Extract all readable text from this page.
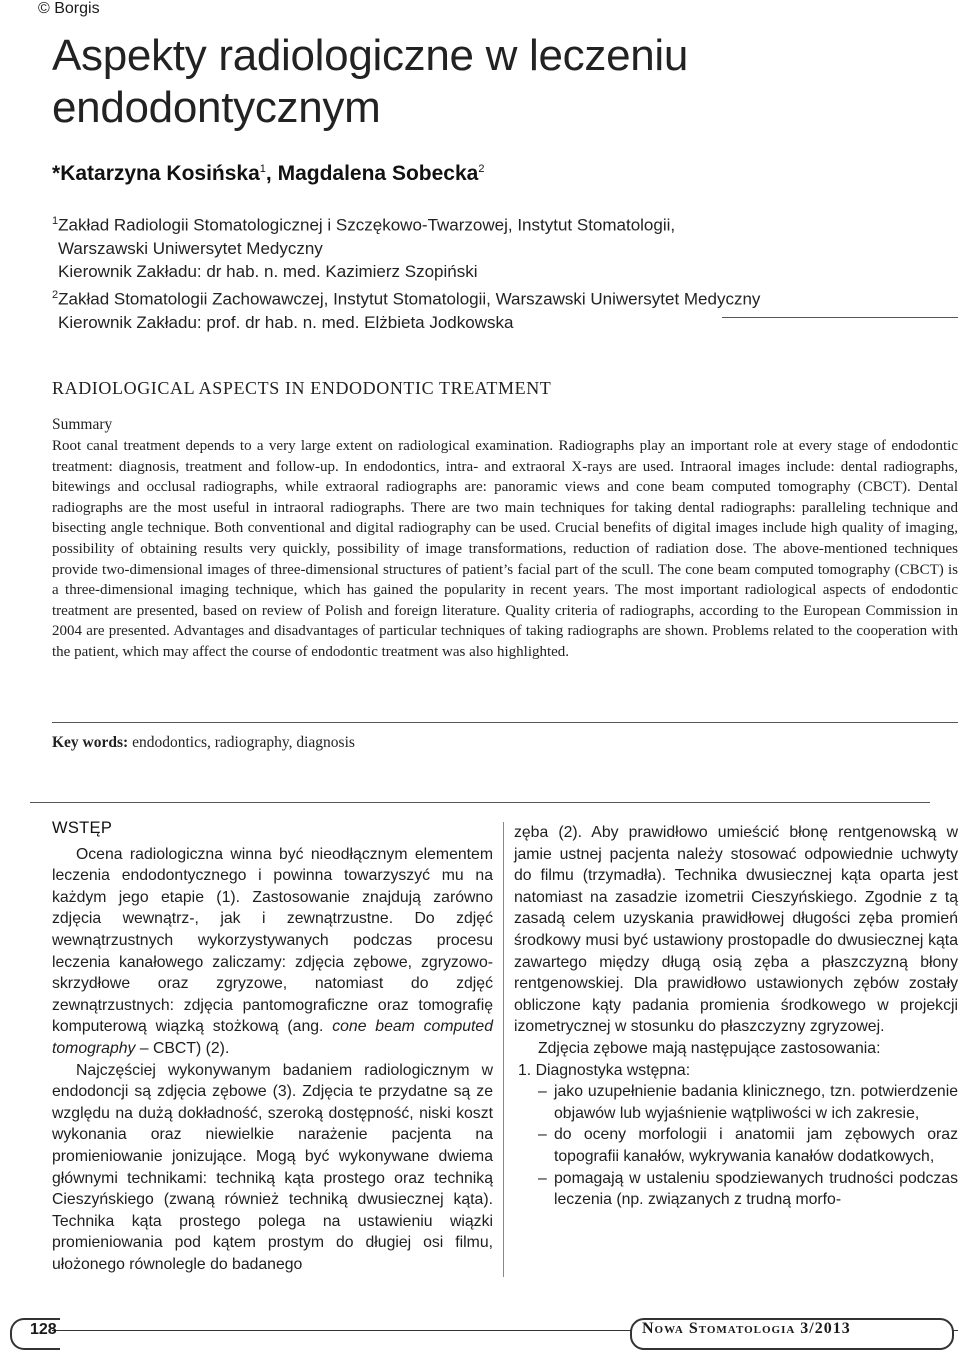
© Borgis
Aspekty radiologiczne w leczeniu endodontycznym
*Katarzyna Kosińska$^1$, Magdalena Sobecka$^2$
$^1$Zakład Radiologii Stomatologicznej i Szczękowo-Twarzowej, Instytut Stomatologii,
Warszawski Uniwersytet Medyczny
Kierownik Zakładu: dr hab. n. med. Kazimierz Szopiński
$^2$Zakład Stomatologii Zachowawczej, Instytut Stomatologii, Warszawski Uniwersytet Medyczny
Kierownik Zakładu: prof. dr hab. n. med. Elżbieta Jodkowska
RADIOLOGICAL ASPECTS IN ENDODONTIC TREATMENT
Summary

Root canal treatment depends to a very large extent on radiological examination. Radiographs play an important role at every stage of endodontic treatment: diagnosis, treatment and follow-up. In endodontics, intra- and extraoral X-rays are used. Intraoral images include: dental radiographs, bitewings and occlusal radiographs, while extraoral radiographs are: panoramic views and cone beam computed tomography (CBCT). Dental radiographs are the most useful in intraoral radiographs. There are two main techniques for taking dental radiographs: paralleling technique and bisecting angle technique. Both conventional and digital radiography can be used. Crucial benefits of digital images include high quality of imaging, possibility of obtaining results very quickly, possibility of image transformations, reduction of radiation dose. The above-mentioned techniques provide two-dimensional images of three-dimensional structures of patient’s facial part of the scull. The cone beam computed tomography (CBCT) is a three-dimensional imaging technique, which has gained the popularity in recent years. The most important radiological aspects of endodontic treatment are presented, based on review of Polish and foreign literature. Quality criteria of radiographs, according to the European Commission in 2004 are presented. Advantages and disadvantages of particular techniques of taking radiographs are shown. Problems related to the cooperation with the patient, which may affect the course of endodontic treatment was also highlighted.

Key words: endodontics, radiography, diagnosis
WSTĘP

Ocena radiologiczna winna być nieodłącznym elementem leczenia endodontycznego i powinna towarzyszyć mu na każdym jego etapie (1). Zastosowanie znajdują zarówno zdjęcia wewnątrz-, jak i zewnątrzustne. Do zdjęć wewnątrzustnych wykorzystywanych podczas procesu leczenia kanałowego zaliczamy: zdjęcia zębowe, zgryzowo-skrzydłowe oraz zgryzowe, natomiast do zdjęć zewnątrzustnych: zdjęcia pantomograficzne oraz tomografię komputerową wiązką stożkową (ang. cone beam computed tomography – CBCT) (2).

Najczęściej wykonywanym badaniem radiologicznym w endodoncji są zdjęcia zębowe (3). Zdjęcia te przydatne są ze względu na dużą dokładność, szeroką dostępność, niski koszt wykonania oraz niewielkie narażenie pacjenta na promieniowanie jonizujące. Mogą być wykonywane dwiema głównymi technikami: techniką kąta prostego oraz techniką Cieszyńskiego (zwaną również techniką dwusiecznej kąta). Technika kąta prostego polega na ustawieniu wiązki promieniowania pod kątem prostym do długiej osi filmu, ułożonego równolegle do badanego

zęba (2). Aby prawidłowo umieścić błonę rentgenowską w jamie ustnej pacjenta należy stosować odpowiednie uchwyty do filmu (trzymadła). Technika dwusiecznej kąta oparta jest natomiast na zasadzie izometrii Cieszyńskiego. Zgodnie z tą zasadą celem uzyskania prawidłowej długości zęba promień środkowy musi być ustawiony prostopadle do dwusiecznej kąta zawartego między długą osią zęba a płaszczyzną błony rentgenowskiej. Dla prawidłowo ustawionych zębów zostały obliczone kąty padania promienia środkowego w projekcji izometrycznej w stosunku do płaszczyzny zgryzowej.

Zdjęcia zębowe mają następujące zastosowania:

1. Diagnostyka wstępna:

– jako uzupełnienie badania klinicznego, tzn. potwierdzenie objawów lub wyjaśnienie wątpliwości w ich zakresie,
– do oceny morfologii i anatomii jam zębowych oraz topografii kanałów, wykrywania kanałów dodatkowych,
– pomagają w ustaleniu spodziewanych trudności podczas leczenia (np. związanych z trudną morfo-
128	Nowa Stomatologia 3/2013
